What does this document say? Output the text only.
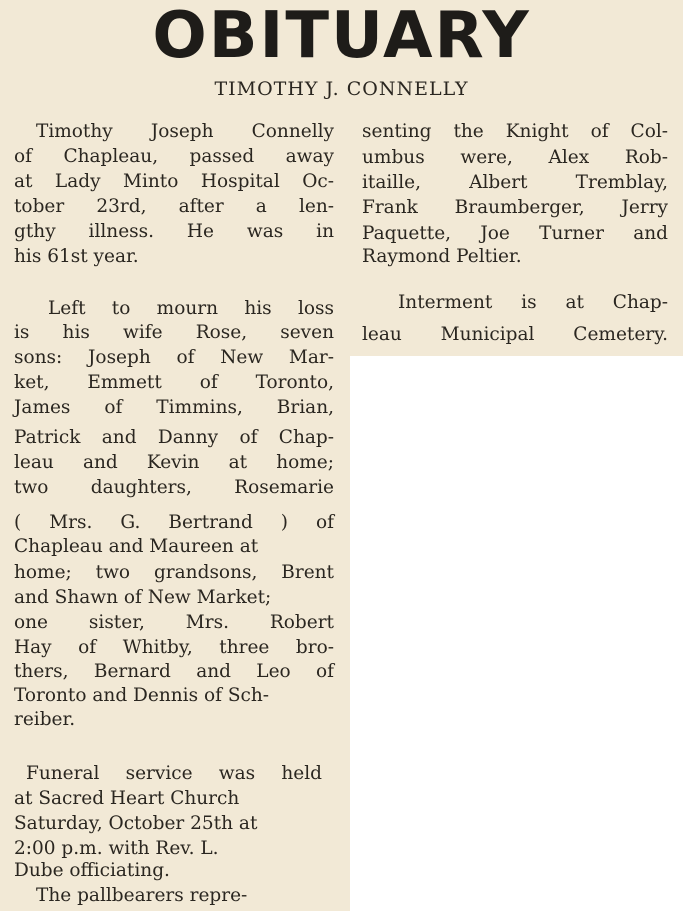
OBITUARY
TIMOTHY J. CONNELLY
Timothy Joseph Connelly
of Chapleau, passed away
at Lady Minto Hospital Oc-
tober 23rd, after a len-
gthy illness. He was in
his 61st year.
Left to mourn his loss
is his wife Rose, seven
sons: Joseph of New Mar-
ket, Emmett of Toronto,
James of Timmins, Brian,
Patrick and Danny of Chap-
leau and Kevin at home;
two daughters, Rosemarie
( Mrs. G. Bertrand ) of
Chapleau and Maureen at
home; two grandsons, Brent
and Shawn of New Market;
one sister, Mrs. Robert
Hay of Whitby, three bro-
thers, Bernard and Leo of
Toronto and Dennis of Sch-
reiber.
Funeral service was held
at Sacred Heart Church
Saturday, October 25th at
2:00 p.m. with Rev. L.
Dube officiating.
The pallbearers repre-
senting the Knight of Col-
umbus were, Alex Rob-
itaille, Albert Tremblay,
Frank Braumberger, Jerry
Paquette, Joe Turner and
Raymond Peltier.
Interment is at Chap-
leau Municipal Cemetery.
